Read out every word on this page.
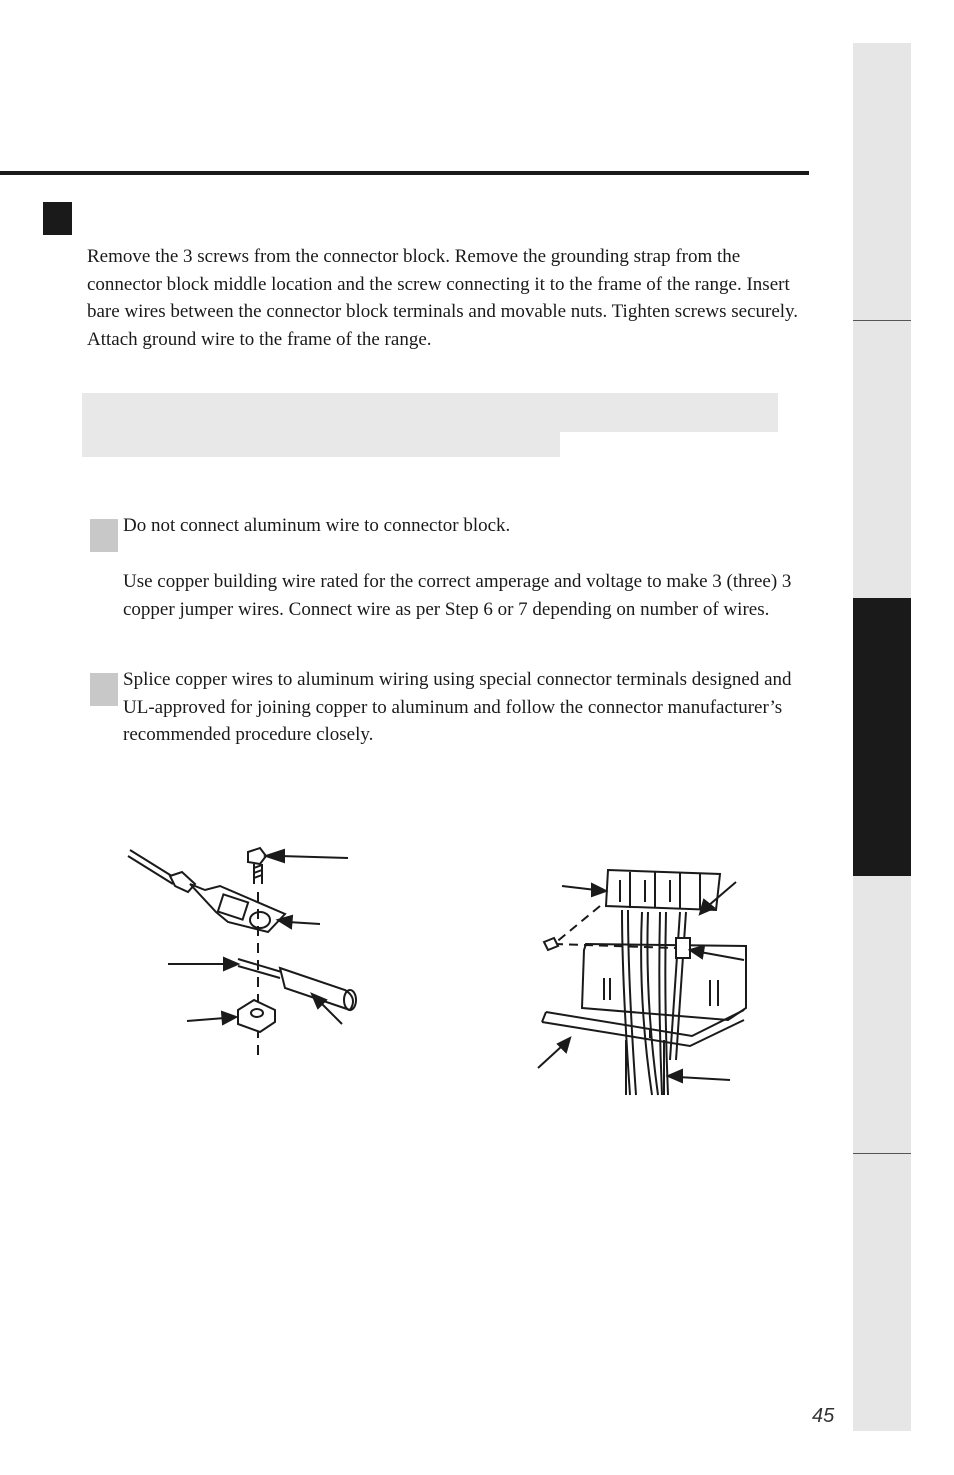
Remove the 3 screws from the connector block. Remove the grounding strap from the connector block middle location and the screw connecting it to the frame of the range. Insert bare wires between the connector block terminals and movable nuts. Tighten screws securely. Attach ground wire to the frame of the range.

Do not connect aluminum wire to connector block.

Use copper building wire rated for the correct amperage and voltage to make 3 (three) 3   copper jumper wires. Connect wire as per Step 6 or 7 depending on number of wires.

Splice copper wires to aluminum wiring using special connector terminals designed and UL-approved for joining copper to aluminum and follow the connector manufacturer’s recommended procedure closely.

45
